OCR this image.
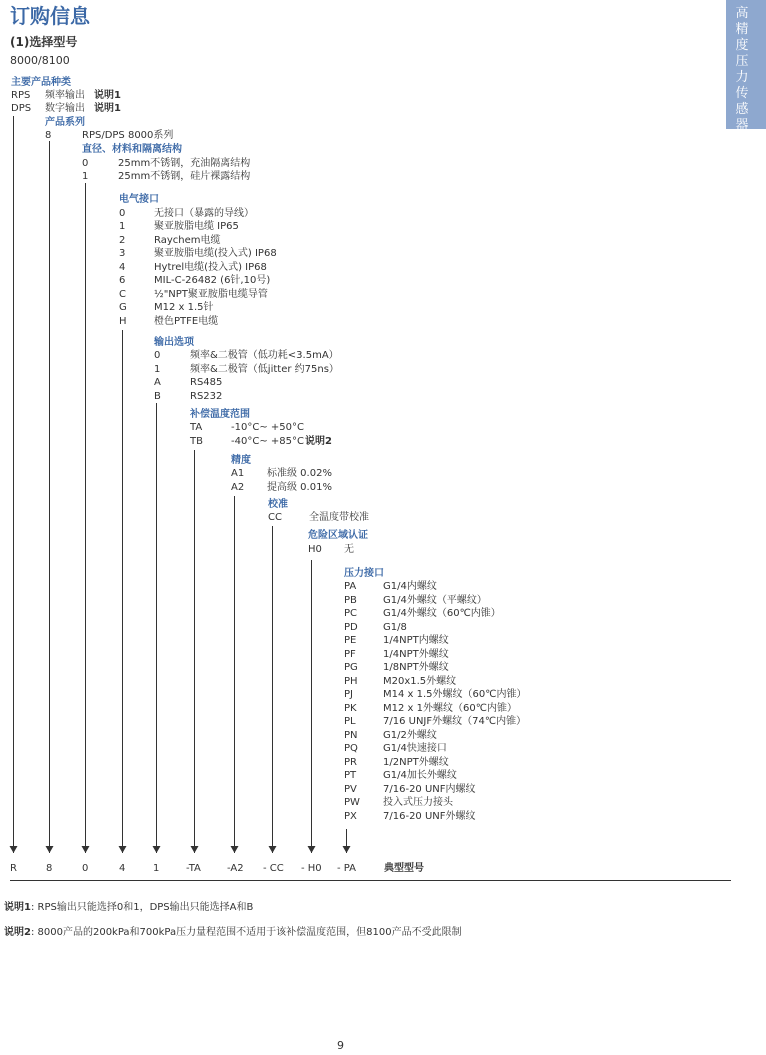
订购信息
(1)选择型号
8000/8100
高精度压力传感器
主要产品种类
RPS 频率输出 说明1
DPS 数字输出 说明1
产品系列
8	RPS/DPS 8000系列
直径、材料和隔离结构
0	25mm不锈钢，充油隔离结构
1	25mm不锈钢，硅片裸露结构
电气接口
0	无接口（暴露的导线）
1	聚亚胺脂电缆 IP65
2	Raychem电缆
3	聚亚胺脂电缆(投入式) IP68
4	Hytrel电缆(投入式) IP68
6	MIL-C-26482 (6针,10号)
C	½"NPT聚亚胺脂电缆导管
G	M12 x 1.5针
H	橙色PTFE电缆
输出选项
0	频率&二极管（低功耗<3.5mA）
1	频率&二极管（低jitter 约75ns）
A	RS485
B	RS232
补偿温度范围
TA	-10°C~ +50°C
TB	-40°C~ +85°C 说明2
精度
A1 标准级 0.02%
A2 提高级 0.01%
校准
CC	全温度带校准
危险区域认证
H0 无
压力接口
PA	G1/4内螺纹
PB	G1/4外螺纹（平螺纹）
PC	G1/4外螺纹（60℃内锥）
PD	G1/8
PE	1/4NPT内螺纹
PF	1/4NPT外螺纹
PG	1/8NPT外螺纹
PH	M20x1.5外螺纹
PJ	M14 x 1.5外螺纹（60℃内锥）
PK	M12 x 1外螺纹（60℃内锥）
PL	7/16 UNJF外螺纹（74℃内锥）
PN	G1/2外螺纹
PQ	G1/4快速接口
PR	1/2NPT外螺纹
PT	G1/4加长外螺纹
PV	7/16-20 UNF内螺纹
PW 投入式压力接头
PX	7/16-20 UNF外螺纹
R	8	0	4	1	-TA	-A2 - CC - H0 - PA	典型型号
说明1: RPS输出只能选择0和1，DPS输出只能选择A和B
说明2: 8000产品的200kPa和700kPa压力量程范围不适用于该补偿温度范围，但8100产品不受此限制
9
